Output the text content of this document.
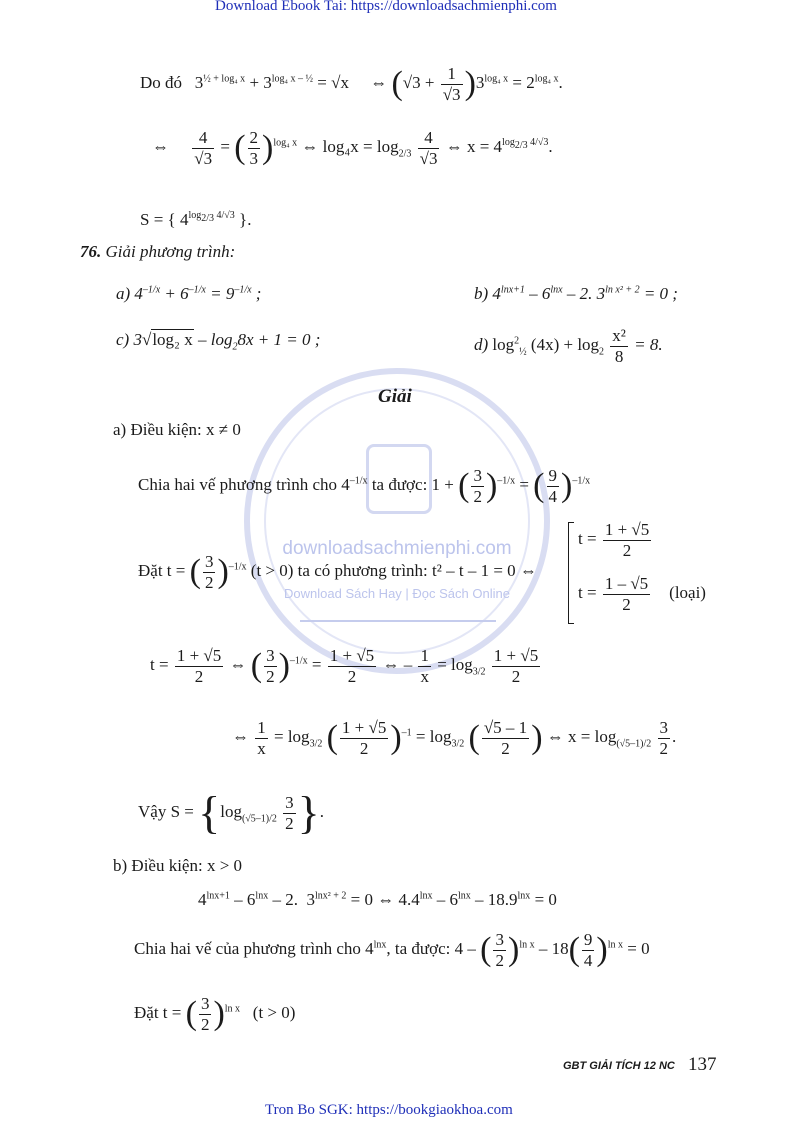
Download Ebook Tai: https://downloadsachmienphi.com
downloadsachmienphi.com
Download Sách Hay | Đọc Sách Online
Do đó   $3^{\frac{1}{2} + log_4 x} + 3^{log_4 x - \frac{1}{2}} = √x$     ⇔ $(√3 + \frac{1}{√3} )3^{log_4 x} = 2^{log_4 x}$.
⇔ $\frac{4}{√3}$ = ( $\frac{2}{3} )^{log_4 x}$ ⇔ $\log_4x = \log_{2/3} \frac{4}{√3}$ ⇔ $x = 4^{log_{2/3} 4/√3}$.
S = { $4^{log_{2/3} 4/√3}$ }.
76. Giải phương trình:
a) $4^{-1/x} + 6^{-1/x} = 9^{-1/x}$ ;	b) $4^{lnx+1} - 6^{lnx} - 2$. $3^{ln x^2 + 2} = 0$ ;
c) 3√log₂ $x - \log_28x + 1 = 0$ ;	d) $\log^2_{\frac{1}{2}} (4x) + \log_2 \frac{\text{x²}}{8} = 8$.
Giải
a) Điều kiện: x ≠ 0
Chia hai vế phương trình cho $4^{-1/x}$ ta được: 1 + ( $\frac{3}{2} )^{-1/x}$ = ( $\frac{9}{4} )^{-1/x}$
Đặt t = ( $\frac{3}{2} )^{-1/x}$ (t > 0) ta có phương trình: t² – t – 1 = 0 ⇔
$t = \frac{1 + √5}{2}$
$t = \frac{1 - √5}{2}$ (loại)
$t = \frac{1 + √5}{2}$ ⇔ ( $\frac{3}{2} )^{-1/x} = \frac{1 + √5}{2}$ ⇔ – $\frac{1}{x} = \log_{3/2} \frac{1 + √5}{2}$
⇔ $\frac{1}{x} = \log_{3/2}$ ( $\frac{1 + √5}{2} )^{-1} = \log_{3/2}$ ( $\frac{√5 - 1}{2}$ ) ⇔ $x = \log_{(√5-1)/2} \frac{3}{2}$ .
Vậy $S = \{\log_{(√5-1)/2} \frac{3}{2}$ }.
b) Điều kiện: x > 0
$4^{lnx+1} - 6^{lnx} - 2$.  $3^{lnx^2 + 2} = 0$ ⇔ $4.4^{lnx} - 6^{lnx} - 18.9^{lnx} = 0$
Chia hai vế của phương trình cho $4^{lnx}$, ta được: 4 – ( $\frac{3}{2} )^{ln x} - 18( \frac{9}{4} )^{ln x} = 0$
Đặt t = ( $\frac{3}{2} )^{ln x}$ (t > 0)
GBT GIẢI TÍCH 12 NC 137
Tron Bo SGK: https://bookgiaokhoa.com
